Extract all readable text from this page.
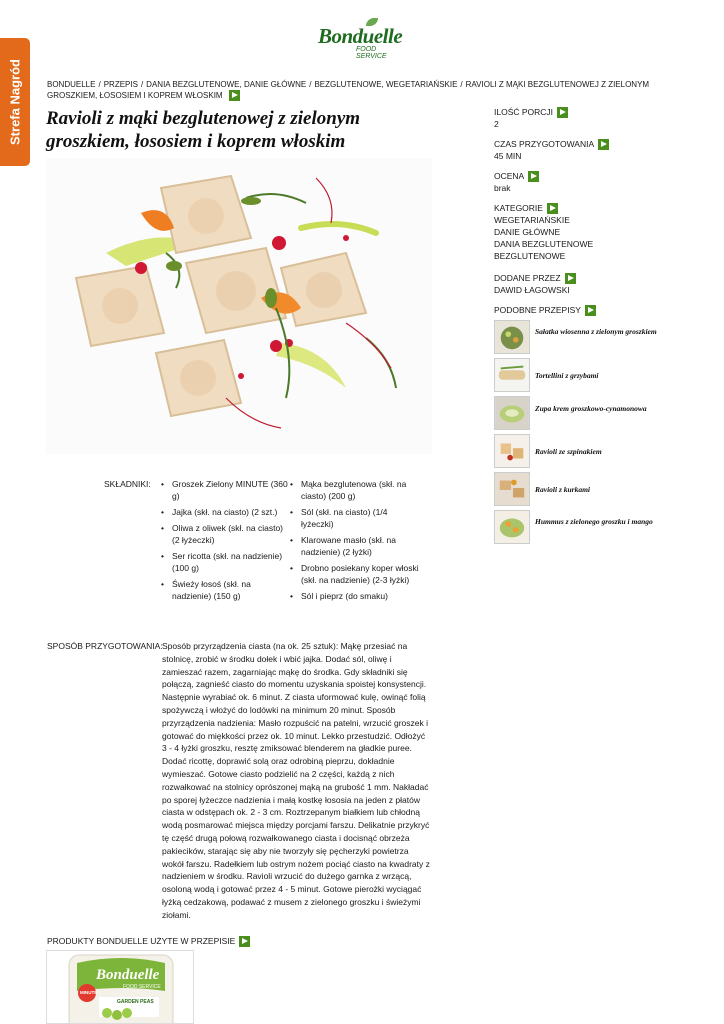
Strefa Nagród
Bonduelle
FOOD SERVICE
BONDUELLE / PRZEPIS / DANIA BEZGLUTENOWE, DANIE GŁÓWNE / BEZGLUTENOWE, WEGETARIAŃSKIE / RAVIOLI Z MĄKI BEZGLUTENOWEJ Z ZIELONYM GROSZKIEM, ŁOSOSIEM I KOPREM WŁOSKIM
Ravioli z mąki bezglutenowej z zielonym groszkiem, łososiem i koprem włoskim
ILOŚĆ PORCJI
2
CZAS PRZYGOTOWANIA
45 MIN
OCENA
brak
KATEGORIE
WEGETARIAŃSKIE
DANIE GŁÓWNE
DANIA BEZGLUTENOWE
BEZGLUTENOWE
DODANE PRZEZ
DAWID ŁAGOWSKI
PODOBNE PRZEPISY
Sałatka wiosenna z zielonym groszkiem
Tortellini z grzybami
Zupa krem groszkowo-cynamonowa
Ravioli ze szpinakiem
Ravioli z kurkami
Hummus z zielonego groszku i mango
SKŁADNIKI:
•	Groszek Zielony MINUTE (360 g)
• Jajka (skł. na ciasto) (2 szt.)
• Oliwa z oliwek (skł. na ciasto) (2 łyżeczki)
• Ser ricotta (skł. na nadzienie) (100 g)
• Świeży łosoś (skł. na nadzienie) (150 g)
• Mąka bezglutenowa (skł. na ciasto) (200 g)
• Sól (skł. na ciasto) (1/4 łyżeczki)
• Klarowane masło (skł. na nadzienie) (2 łyżki)
• Drobno posiekany koper włoski (skł. na nadzienie) (2-3 łyżki)
• Sól i pieprz (do smaku)
SPOSÓB PRZYGOTOWANIA: Sposób przyrządzenia ciasta (na ok. 25 sztuk): Mąkę przesiać na stolnicę, zrobić w środku dołek i wbić jajka. Dodać sól, oliwę i zamieszać razem, zagarniając mąkę do środka. Gdy składniki się połączą, zagnieść ciasto do momentu uzyskania spoistej konsystencji. Następnie wyrabiać ok. 6 minut. Z ciasta uformować kulę, owinąć folią spożywczą i włożyć do lodówki na minimum 20 minut. Sposób przyrządzenia nadzienia: Masło rozpuścić na patelni, wrzucić groszek i gotować do miękkości przez ok. 10 minut. Lekko przestudzić. Odłożyć 3 - 4 łyżki groszku, resztę zmiksować blenderem na gładkie puree. Dodać ricottę, doprawić solą oraz odrobiną pieprzu, dokładnie wymieszać. Gotowe ciasto podzielić na 2 części, każdą z nich rozwałkować na stolnicy oprószonej mąką na grubość 1 mm. Nakładać po sporej łyżeczce nadzienia i małą kostkę łososia na jeden z płatów ciasta w odstępach ok. 2 - 3 cm. Roztrzepanym białkiem lub chłodną wodą posmarować miejsca między porcjami farszu. Delikatnie przykryć tę część drugą połową rozwałkowanego ciasta i docisnąć obrzeża pakiecików, starając się aby nie tworzyły się pęcherzyki powietrza wokół farszu. Radełkiem lub ostrym nożem pociąć ciasto na kwadraty z nadzieniem w środku. Ravioli wrzucić do dużego garnka z wrzącą, osoloną wodą i gotować przez 4 - 5 minut. Gotowe pierożki wyciągać łyżką cedzakową, podawać z musem z zielonego groszku i świeżymi ziołami.

PRODUKTY BONDUELLE UŻYTE W PRZEPISIE
Bonduelle
FOOD SERVICE
MINUTE
GARDEN PEAS
